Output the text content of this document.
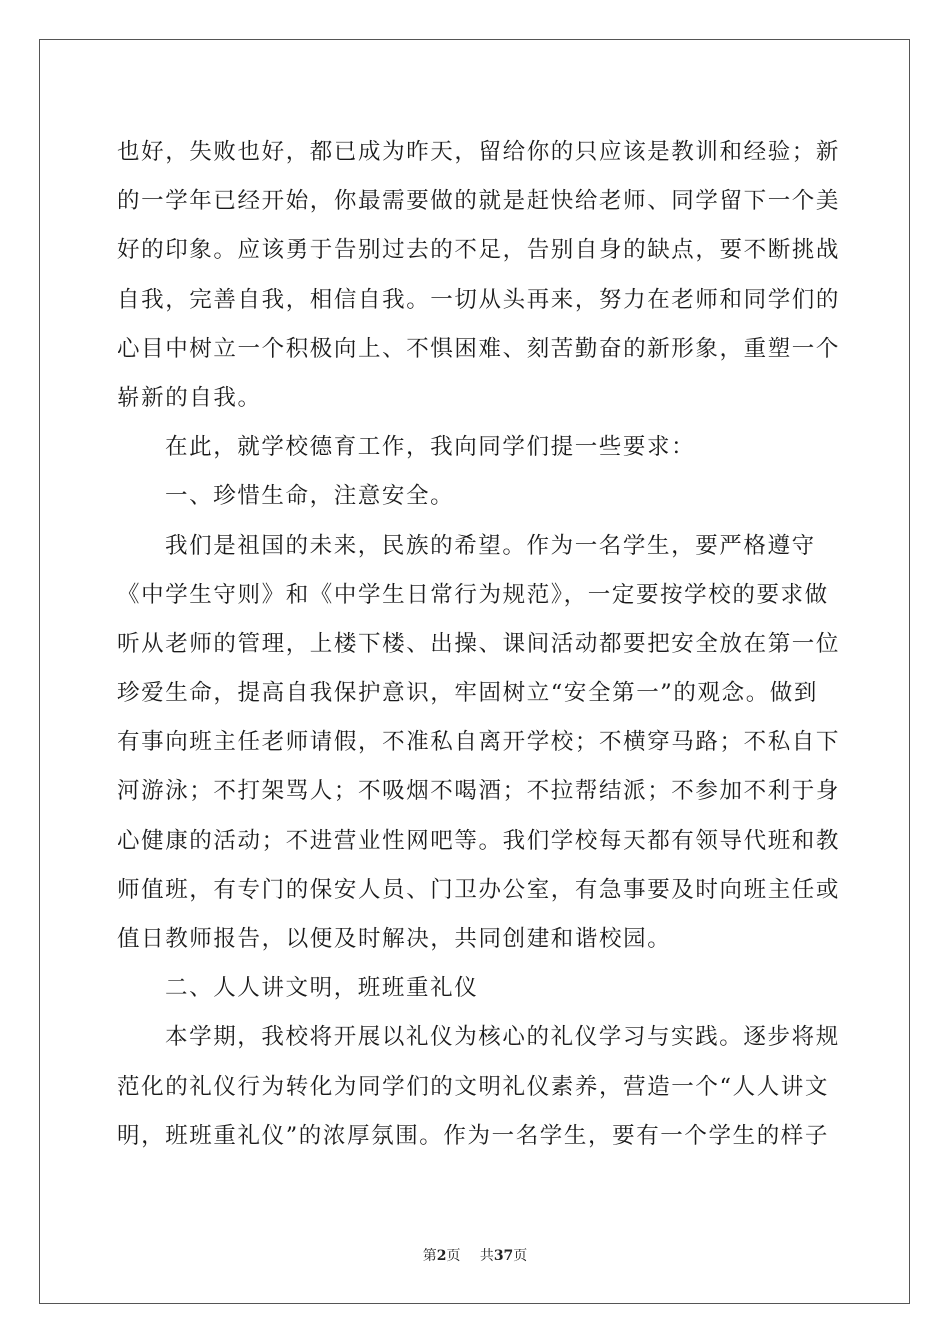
也好，失败也好，都已成为昨天，留给你的只应该是教训和经验；新
的一学年已经开始，你最需要做的就是赶快给老师、同学留下一个美
好的印象。应该勇于告别过去的不足，告别自身的缺点，要不断挑战
自我，完善自我，相信自我。一切从头再来，努力在老师和同学们的
心目中树立一个积极向上、不惧困难、刻苦勤奋的新形象，重塑一个
崭新的自我。
在此，就学校德育工作，我向同学们提一些要求：
一、珍惜生命，注意安全。
我们是祖国的未来，民族的希望。作为一名学生，要严格遵守
《中学生守则》和《中学生日常行为规范》，一定要按学校的要求做
听从老师的管理，上楼下楼、出操、课间活动都要把安全放在第一位
珍爱生命，提高自我保护意识，牢固树立“安全第一”的观念。做到
有事向班主任老师请假，不准私自离开学校；不横穿马路；不私自下
河游泳；不打架骂人；不吸烟不喝酒；不拉帮结派；不参加不利于身
心健康的活动；不进营业性网吧等。我们学校每天都有领导代班和教
师值班，有专门的保安人员、门卫办公室，有急事要及时向班主任或
值日教师报告，以便及时解决，共同创建和谐校园。
二、人人讲文明，班班重礼仪
本学期，我校将开展以礼仪为核心的礼仪学习与实践。逐步将规
范化的礼仪行为转化为同学们的文明礼仪素养，营造一个“人人讲文
明，班班重礼仪”的浓厚氛围。作为一名学生，要有一个学生的样子
第2页 共37页
